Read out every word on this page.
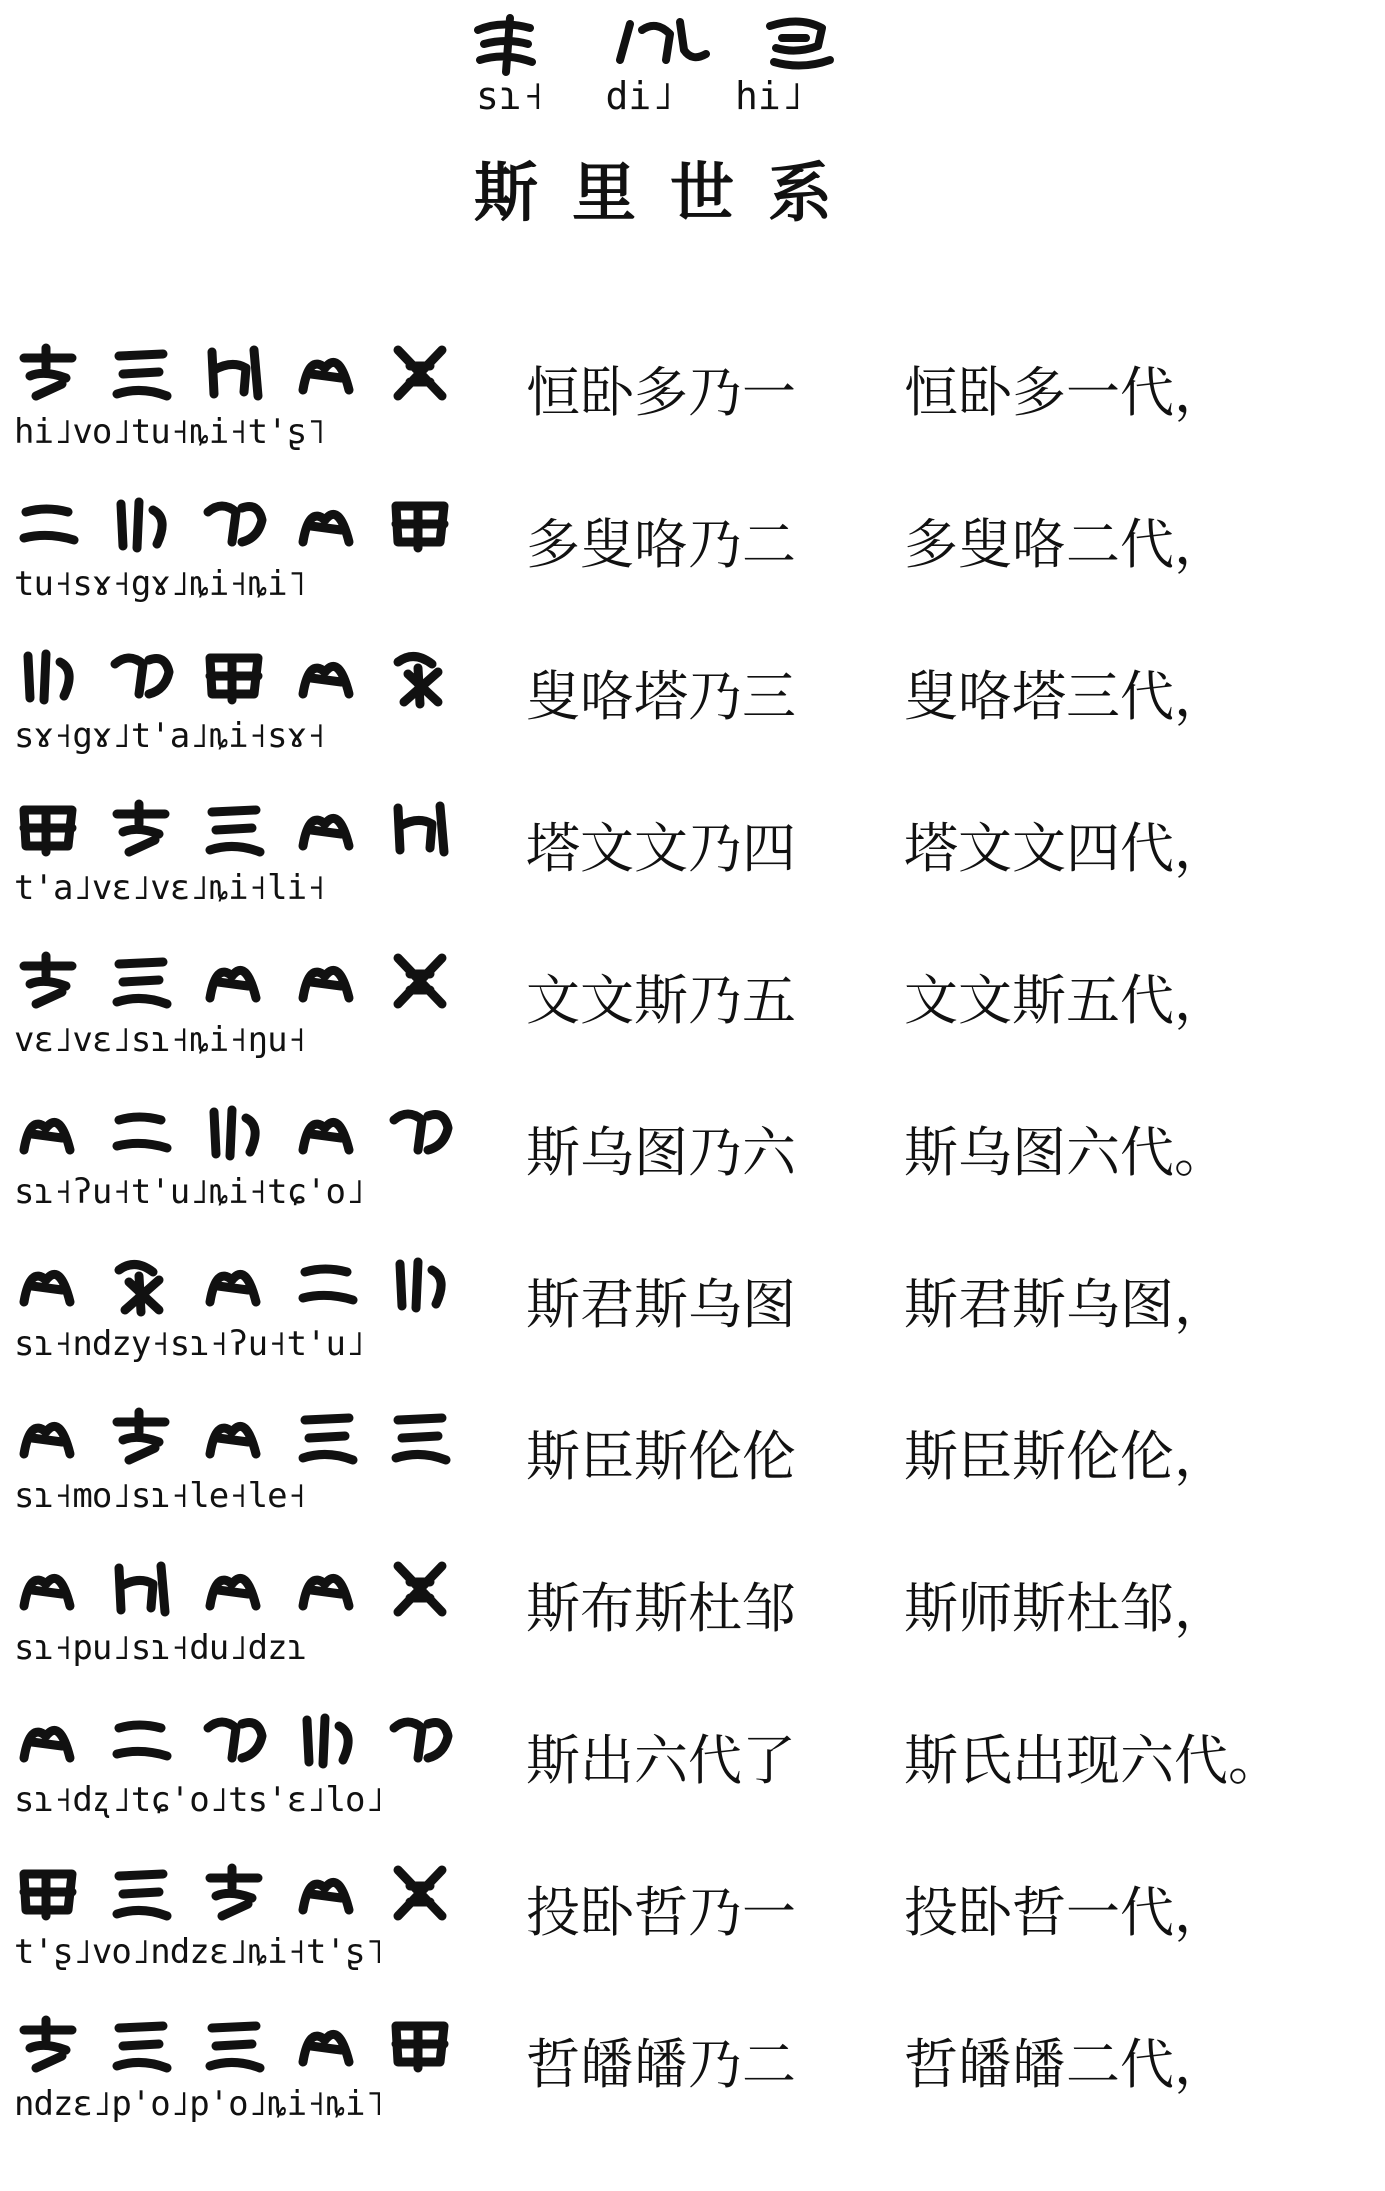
sɿ˧ di˩ hi˩
斯里世系
hi˩vo˩tu˧ȵi˧t'ʂ˥
恒卧多乃一 恒卧多一代，
tu˧sɤ˧gɤ˩ȵi˧ȵi˥
多叟咯乃二 多叟咯二代，
sɤ˧gɤ˩t'a˩ȵi˧sɤ˧
叟咯塔乃三 叟咯塔三代，
t'a˩vɛ˩vɛ˩ȵi˧li˧
塔文文乃四 塔文文四代，
vɛ˩vɛ˩sɿ˧ȵi˧ŋu˧
文文斯乃五 文文斯五代，
sɿ˧ʔu˧t'u˩ȵi˧tɕ'o˩
斯乌图乃六 斯乌图六代。
sɿ˧ndzy˧sɿ˧ʔu˧t'u˩
斯君斯乌图 斯君斯乌图，
sɿ˧mo˩sɿ˧le˧le˧
斯臣斯伦伦 斯臣斯伦伦，
sɿ˧pu˩sɿ˧du˩dzɿ
斯布斯杜邹 斯师斯杜邹，
sɿ˧dʐ˩tɕ'o˩ts'ɛ˩lo˩
斯出六代了 斯氏出现六代。
t'ʂ˩vo˩ndzɛ˩ȵi˧t'ʂ˥
投卧哲乃一 投卧哲一代，
ndzɛ˩p'o˩p'o˩ȵi˧ȵi˥
哲皤皤乃二 哲皤皤二代，
